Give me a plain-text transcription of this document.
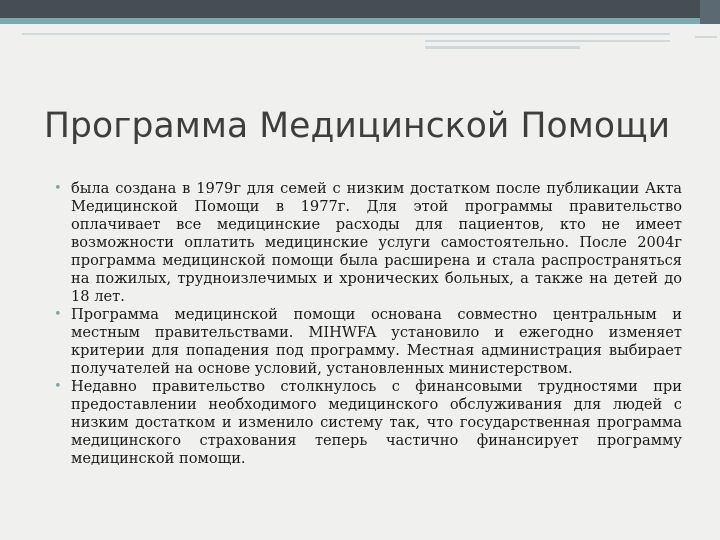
Программа Медицинской Помощи
• была создана в 1979г для семей с низким достатком после публикации Акта Медицинской Помощи в 1977г. Для этой программы правительство оплачивает все медицинские расходы для пациентов, кто не имеет возможности оплатить медицинские услуги самостоятельно. После 2004г программа медицинской помощи была расширена и стала распространяться на пожилых, трудноизлечимых и хронических больных, а также на детей до 18 лет.
• Программа медицинской помощи основана совместно центральным и местным правительствами. MIHWFA установило и ежегодно изменяет критерии для попадения под программу. Местная администрация выбирает получателей на основе условий, установленных министерством.
• Недавно правительство столкнулось с финансовыми трудностями при предоставлении необходимого медицинского обслуживания для людей с низким достатком и изменило систему так, что государственная программа медицинского страхования теперь частично финансирует программу медицинской помощи.
